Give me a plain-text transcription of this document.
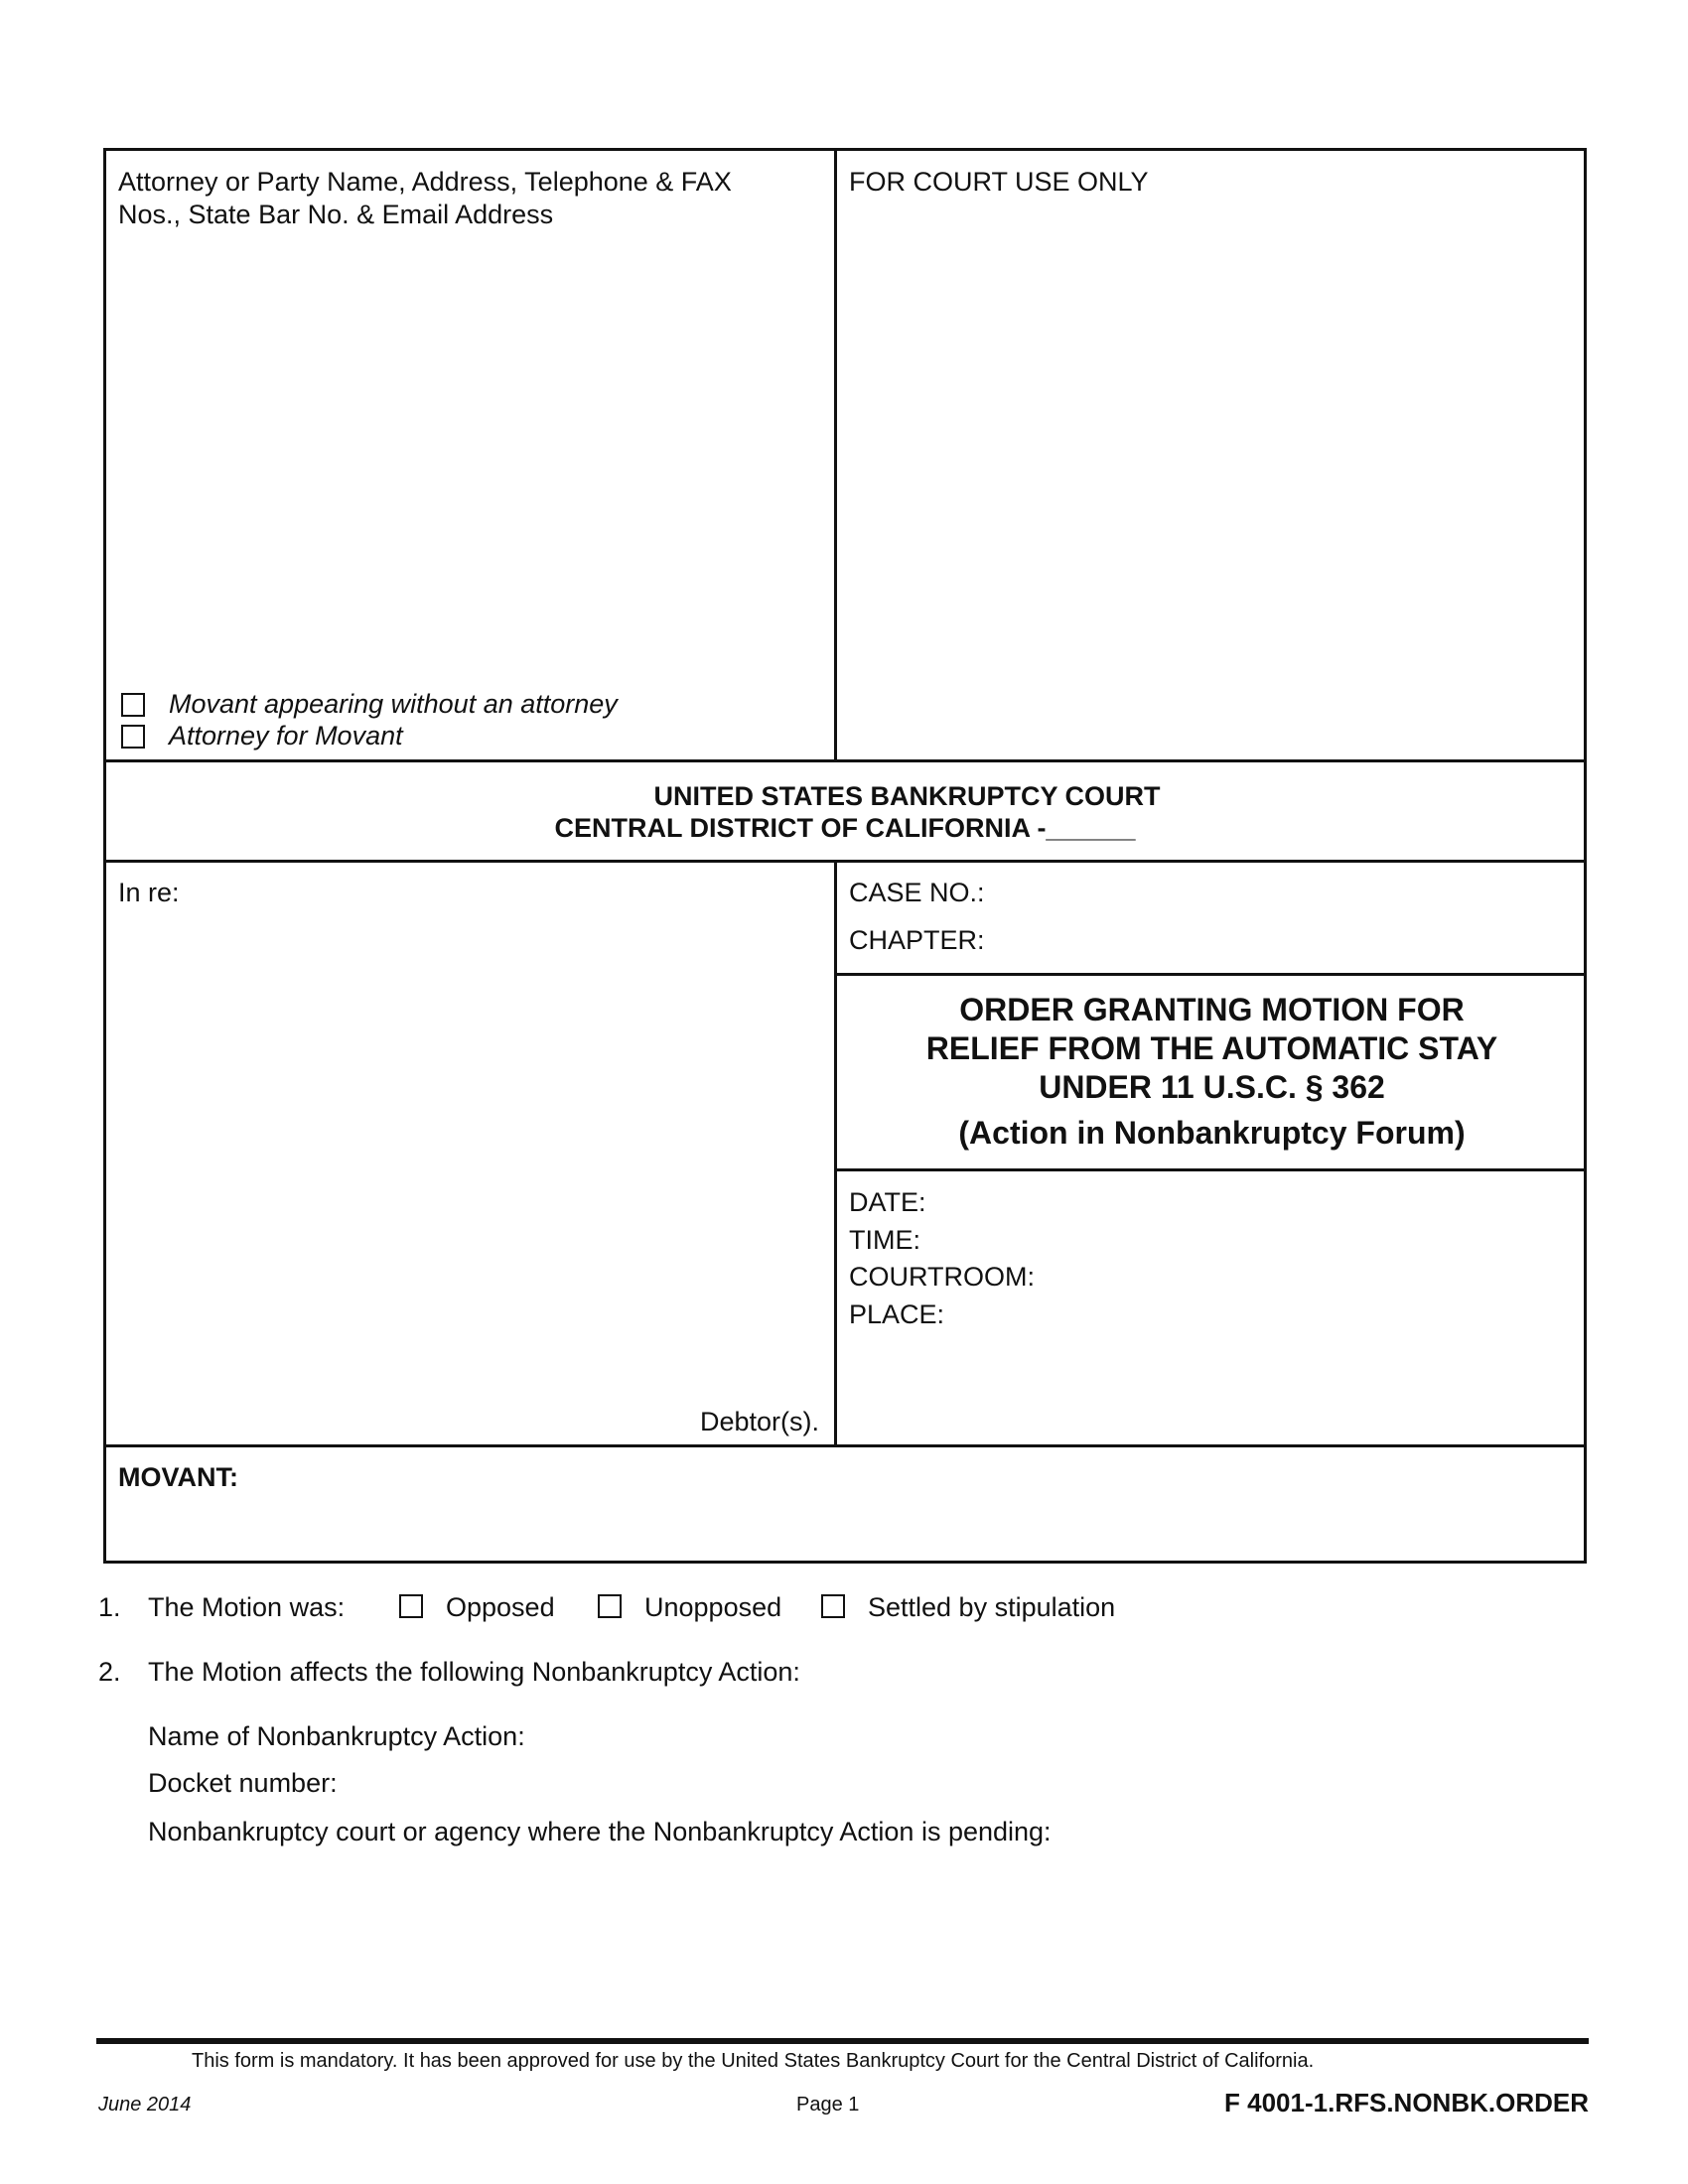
Attorney or Party Name, Address, Telephone & FAX
Nos., State Bar No. & Email Address
FOR COURT USE ONLY
Movant appearing without an attorney
Attorney for Movant
UNITED STATES BANKRUPTCY COURT
CENTRAL DISTRICT OF CALIFORNIA -______
In re:	CASE NO.:
CHAPTER:
Debtor(s).
ORDER GRANTING MOTION FOR
RELIEF FROM THE AUTOMATIC STAY
UNDER 11 U.S.C. § 362
(Action in Nonbankruptcy Forum)
DATE:
TIME:
COURTROOM:
PLACE:
MOVANT:
1. The Motion was:	Opposed	Unopposed	Settled by stipulation
2. The Motion affects the following Nonbankruptcy Action:
Name of Nonbankruptcy Action:
Docket number:
Nonbankruptcy court or agency where the Nonbankruptcy Action is pending:
This form is mandatory. It has been approved for use by the United States Bankruptcy Court for the Central District of California.
June 2014	Page 1	F 4001-1.RFS.NONBK.ORDER
